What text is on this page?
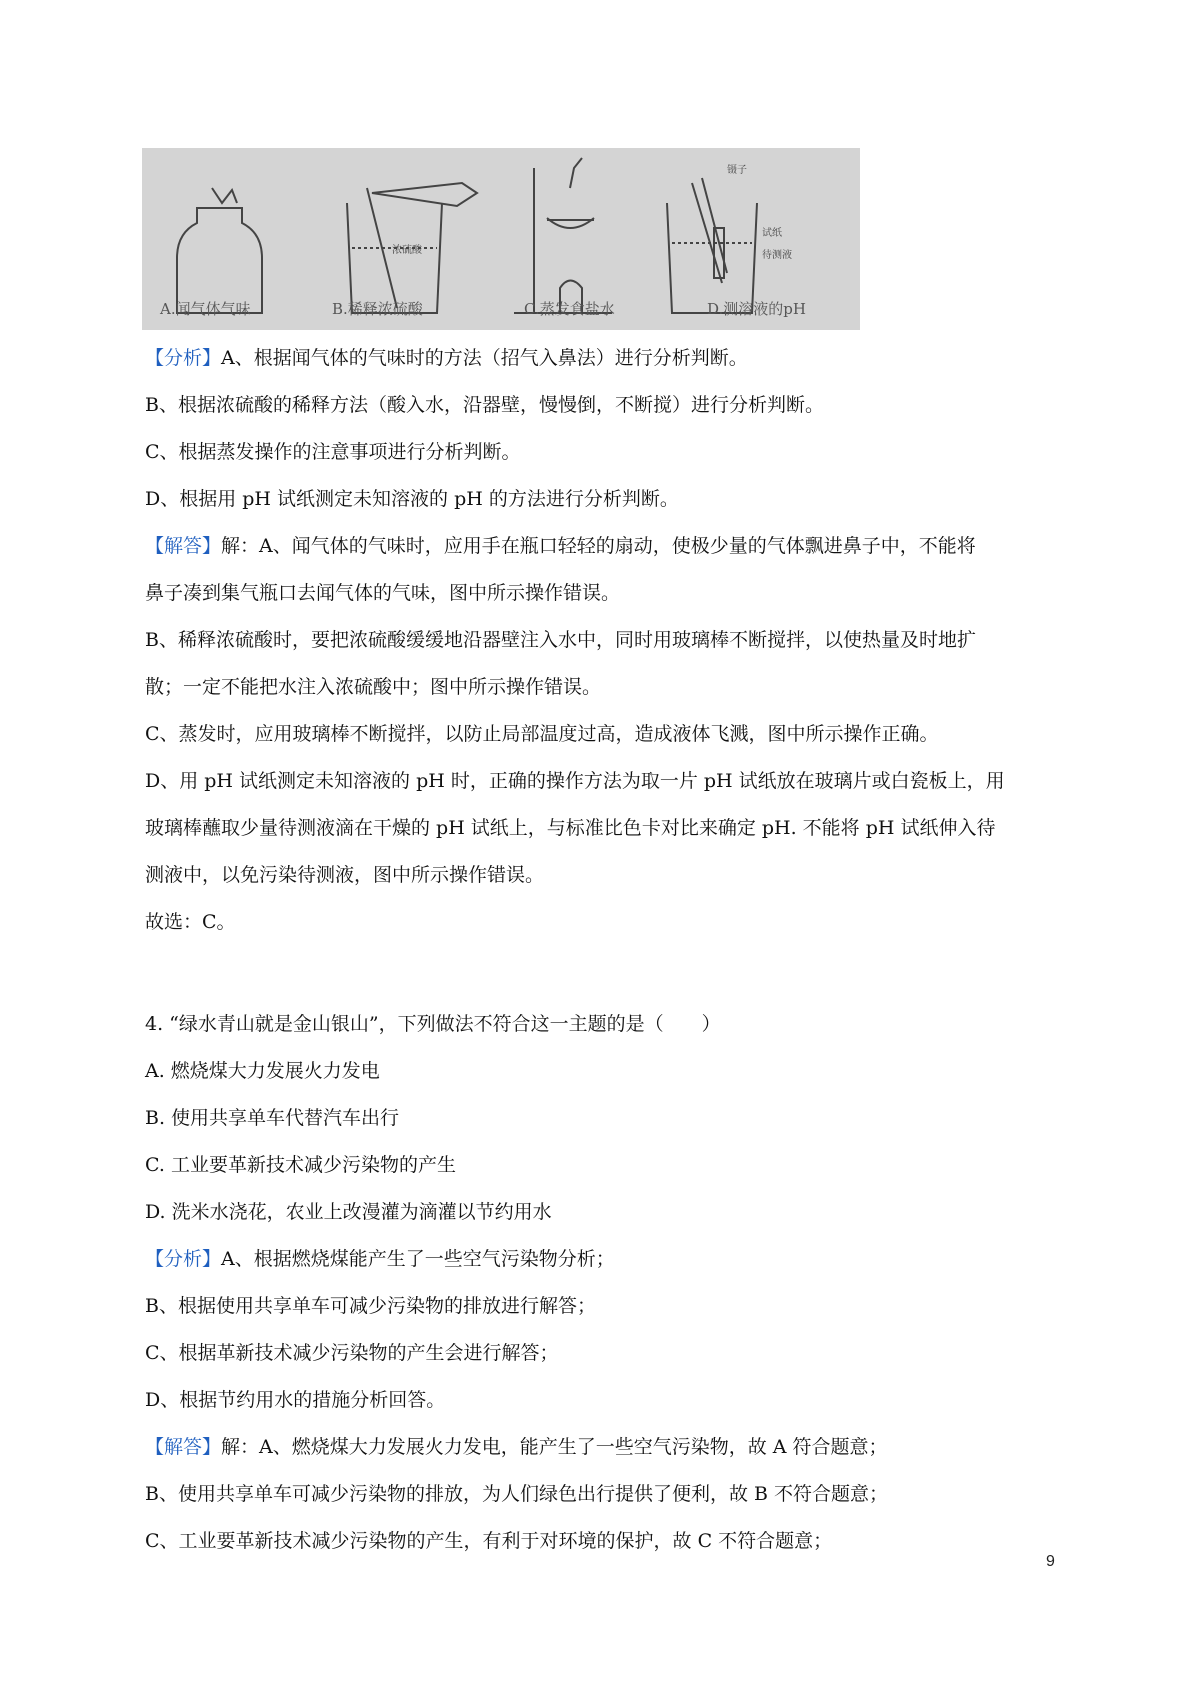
浓硫酸
镊子
试纸
待测液
A.闻气体气味	B.稀释浓硫酸	C.蒸发食盐水	D.测溶液的pH
【分析】A、根据闻气体的气味时的方法（招气入鼻法）进行分析判断。
B、根据浓硫酸的稀释方法（酸入水，沿器壁，慢慢倒，不断搅）进行分析判断。
C、根据蒸发操作的注意事项进行分析判断。
D、根据用 pH 试纸测定未知溶液的 pH 的方法进行分析判断。
【解答】解：A、闻气体的气味时，应用手在瓶口轻轻的扇动，使极少量的气体飘进鼻子中，不能将
鼻子凑到集气瓶口去闻气体的气味，图中所示操作错误。
B、稀释浓硫酸时，要把浓硫酸缓缓地沿器壁注入水中，同时用玻璃棒不断搅拌，以使热量及时地扩
散；一定不能把水注入浓硫酸中；图中所示操作错误。
C、蒸发时，应用玻璃棒不断搅拌，以防止局部温度过高，造成液体飞溅，图中所示操作正确。
D、用 pH 试纸测定未知溶液的 pH 时，正确的操作方法为取一片 pH 试纸放在玻璃片或白瓷板上，用
玻璃棒蘸取少量待测液滴在干燥的 pH 试纸上，与标准比色卡对比来确定 pH. 不能将 pH 试纸伸入待
测液中，以免污染待测液，图中所示操作错误。
故选：C。
4. “绿水青山就是金山银山”，下列做法不符合这一主题的是（　　）
A. 燃烧煤大力发展火力发电
B. 使用共享单车代替汽车出行
C. 工业要革新技术减少污染物的产生
D. 洗米水浇花，农业上改漫灌为滴灌以节约用水
【分析】A、根据燃烧煤能产生了一些空气污染物分析；
B、根据使用共享单车可减少污染物的排放进行解答；
C、根据革新技术减少污染物的产生会进行解答；
D、根据节约用水的措施分析回答。
【解答】解：A、燃烧煤大力发展火力发电，能产生了一些空气污染物，故 A 符合题意；
B、使用共享单车可减少污染物的排放，为人们绿色出行提供了便利，故 B 不符合题意；
C、工业要革新技术减少污染物的产生，有利于对环境的保护，故 C 不符合题意；
9
